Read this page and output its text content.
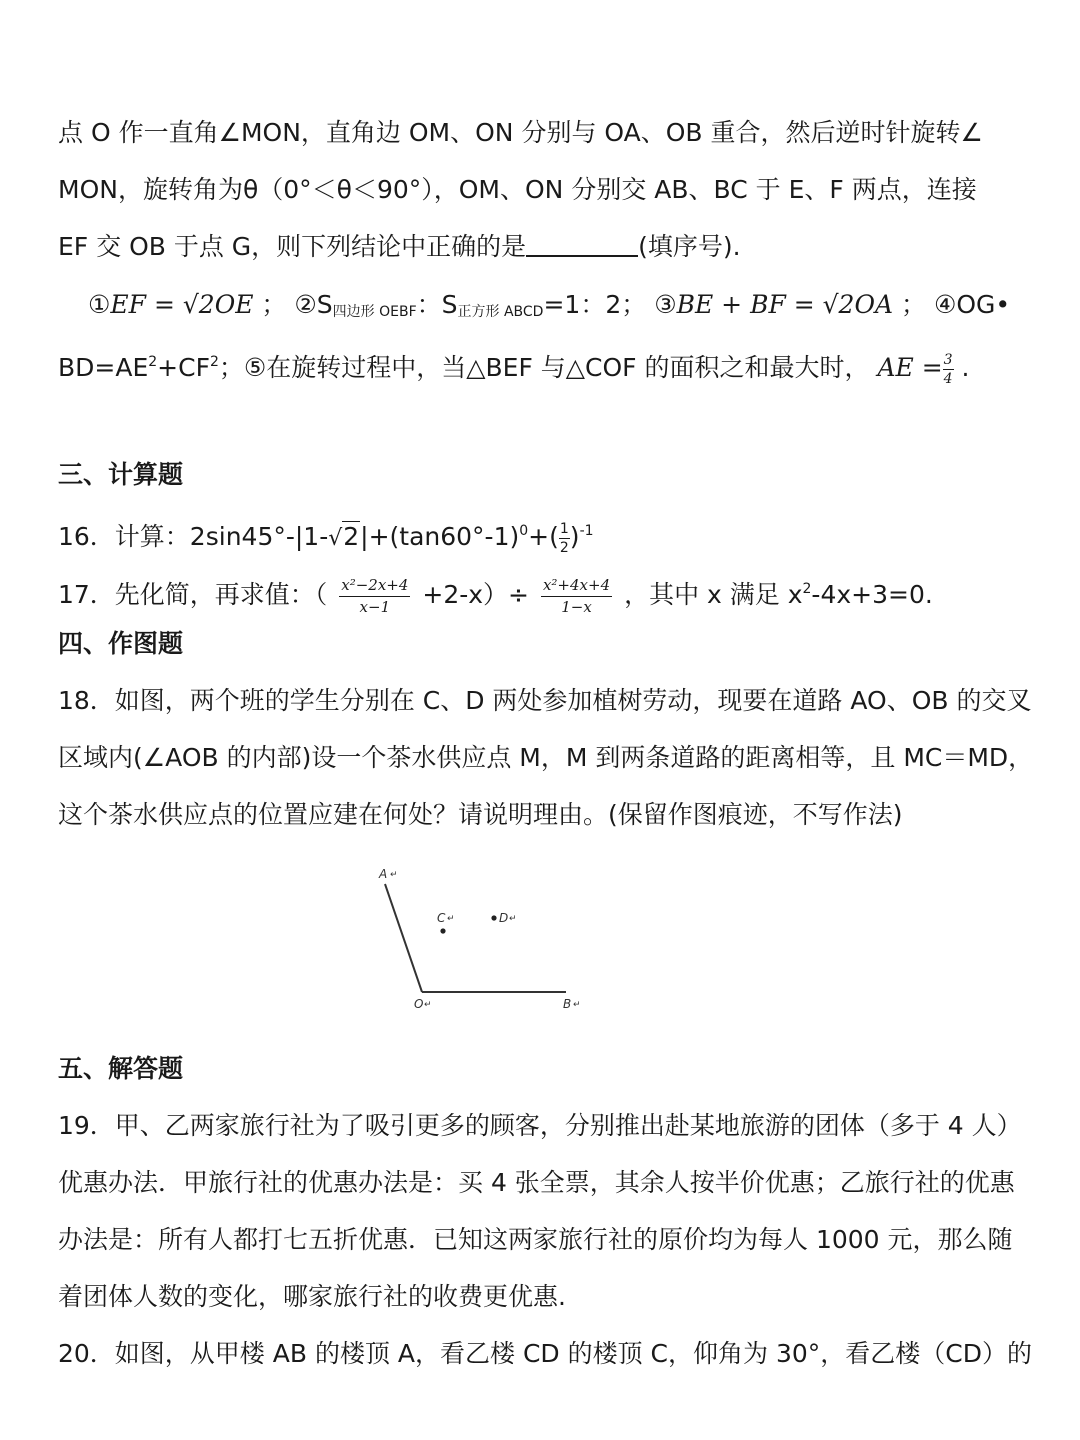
点 O 作一直角∠MON，直角边 OM、ON 分别与 OA、OB 重合，然后逆时针旋转∠
MON，旋转角为θ（0°＜θ＜90°），OM、ON 分别交 AB、BC 于 E、F 两点，连接
EF 交 OB 于点 G，则下列结论中正确的是	(填序号).
①EF = √2OE ； $②S_{四边形 OEBF}$：$S_{正方形 ABCD}=1$：2； ③BE + BF = √2OA ； ④OG•
$BD=AE^2+CF^2$；⑤在旋转过程中，当△BEF 与△COF 的面积之和最大时， AE = $\frac{3}{4}$ .
三、计算题
16．计算：$2\sin 45^\circ-|1-√2|+(\tan 60^\circ-1)^0+( \frac{1}{2} )^{-1}$
17．先化简，再求值：（ $\frac{\text{x²−2x+4}}{x-1} +2-x)\div \frac{\text{x²+4x+4}}{1-x}$ ，其中 x 满足 $x^2-4x+3=0$.
四、作图题
18．如图，两个班的学生分别在 C、D 两处参加植树劳动，现要在道路 AO、OB 的交叉
区域内(∠AOB 的内部)设一个茶水供应点 M，M 到两条道路的距离相等，且 MC＝MD，
这个茶水供应点的位置应建在何处？请说明理由。(保留作图痕迹，不写作法)
A ↵
C ↵	D ↵
O ↵	B ↵
五、解答题
19．甲、乙两家旅行社为了吸引更多的顾客，分别推出赴某地旅游的团体（多于 4 人）
优惠办法．甲旅行社的优惠办法是：买 4 张全票，其余人按半价优惠；乙旅行社的优惠
办法是：所有人都打七五折优惠．已知这两家旅行社的原价均为每人 1000 元，那么随
着团体人数的变化，哪家旅行社的收费更优惠.
20．如图，从甲楼 AB 的楼顶 A，看乙楼 CD 的楼顶 C，仰角为 30°，看乙楼（CD）的
